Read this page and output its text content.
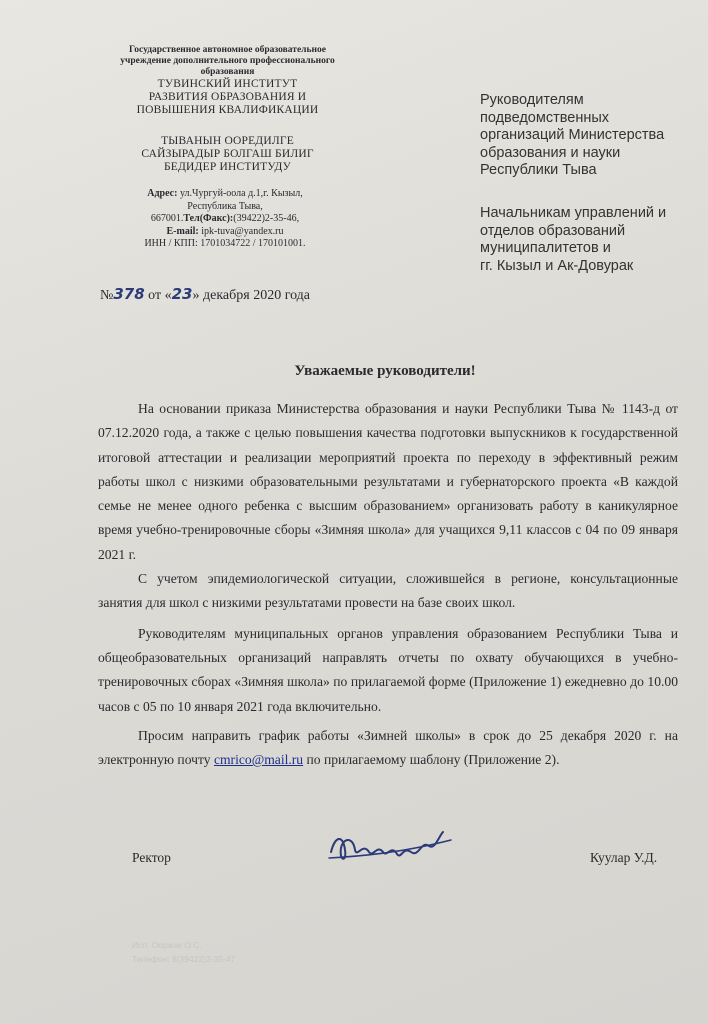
Государственное автономное образовательное
учреждение дополнительного профессионального
образования
ТУВИНСКИЙ ИНСТИТУТ
РАЗВИТИЯ ОБРАЗОВАНИЯ И
ПОВЫШЕНИЯ КВАЛИФИКАЦИИ
ТЫВАНЫН ООРЕДИЛГЕ
САЙЗЫРАДЫР БОЛГАШ БИЛИГ
БЕДИДЕР ИНСТИТУДУ
Адрес: ул.Чургуй-оола д.1,г. Кызыл,
Республика Тыва,
667001.Тел(Факс):(39422)2-35-46,
E-mail: ipk-tuva@yandex.ru
ИНН / КПП: 1701034722 / 170101001.
Руководителям
подведомственных
организаций Министерства
образования и науки
Республики Тыва
Начальникам управлений и
отделов образований
муниципалитетов и
гг. Кызыл и Ак-Довурак
№378 от «23» декабря 2020 года
Уважаемые руководители!

На основании приказа Министерства образования и науки Республики Тыва № 1143-д от 07.12.2020 года, а также с целью повышения качества подготовки выпускников к государственной итоговой аттестации и реализации мероприятий проекта по переходу в эффективный режим работы школ с низкими образовательными результатами и губернаторского проекта «В каждой семье не менее одного ребенка с высшим образованием» организовать работу в каникулярное время учебно-тренировочные сборы «Зимняя школа» для учащихся 9,11 классов с 04 по 09 января 2021 г.

С учетом эпидемиологической ситуации, сложившейся в регионе, консультационные занятия для школ с низкими результатами провести на базе своих школ.

Руководителям муниципальных органов управления образованием Республики Тыва и общеобразовательных организаций направлять отчеты по охвату обучающихся в учебно-тренировочных сборах «Зимняя школа» по прилагаемой форме (Приложение 1) ежедневно до 10.00 часов с 05 по 10 января 2021 года включительно.

Просим направить график работы «Зимней школы» в срок до 25 декабря 2020 г. на электронную почту cmrico@mail.ru по прилагаемому шаблону (Приложение 2).

Ректор	Куулар У.Д.
Исп. Ооржак О.С.
Телефон: 8(39422)2-35-47
